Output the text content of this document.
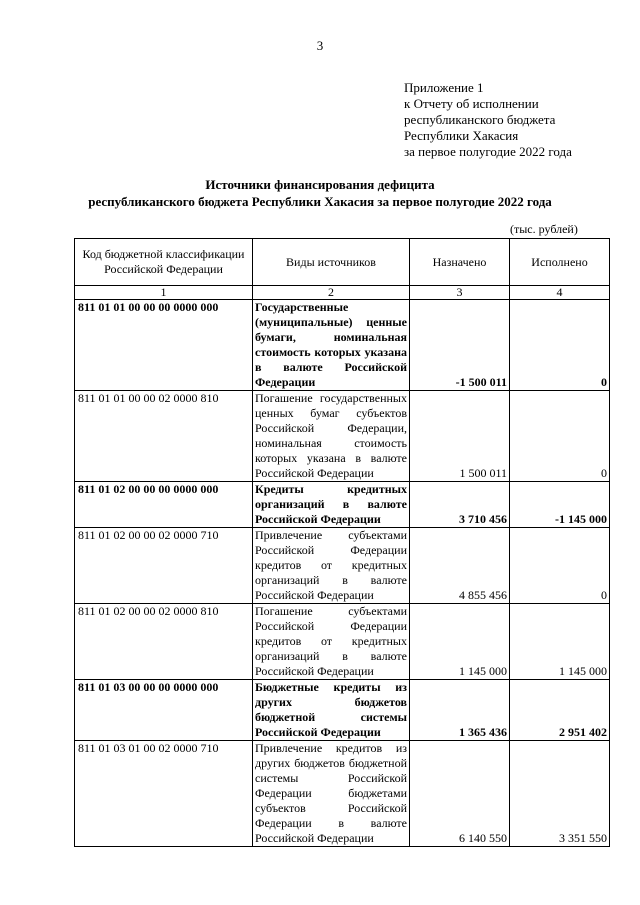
3
Приложение 1
к Отчету об исполнении
республиканского бюджета
Республики Хакасия
за первое полугодие 2022 года
Источники финансирования дефицита
республиканского бюджета Республики Хакасия за первое полугодие 2022 года
(тыс. рублей)
Код бюджетной классификации Российской Федерации	Виды источников	Назначено	Исполнено
1	2	3	4
811 01 01 00 00 00 0000 000	Государственные (муниципальные) ценные бумаги, номинальная стоимость которых указана в валюте Российской Федерации	-1 500 011	0
811 01 01 00 00 02 0000 810	Погашение государственных ценных бумаг субъектов Российской Федерации, номинальная стоимость которых указана в валюте Российской Федерации	1 500 011	0
811 01 02 00 00 00 0000 000	Кредиты кредитных организаций в валюте Российской Федерации	3 710 456	-1 145 000
811 01 02 00 00 02 0000 710	Привлечение субъектами Российской Федерации кредитов от кредитных организаций в валюте Российской Федерации	4 855 456	0
811 01 02 00 00 02 0000 810	Погашение субъектами Российской Федерации кредитов от кредитных организаций в валюте Российской Федерации	1 145 000	1 145 000
811 01 03 00 00 00 0000 000	Бюджетные кредиты из других бюджетов бюджетной системы Российской Федерации	1 365 436	2 951 402
811 01 03 01 00 02 0000 710	Привлечение кредитов из других бюджетов бюджетной системы Российской Федерации бюджетами субъектов Российской Федерации в валюте Российской Федерации	6 140 550	3 351 550
